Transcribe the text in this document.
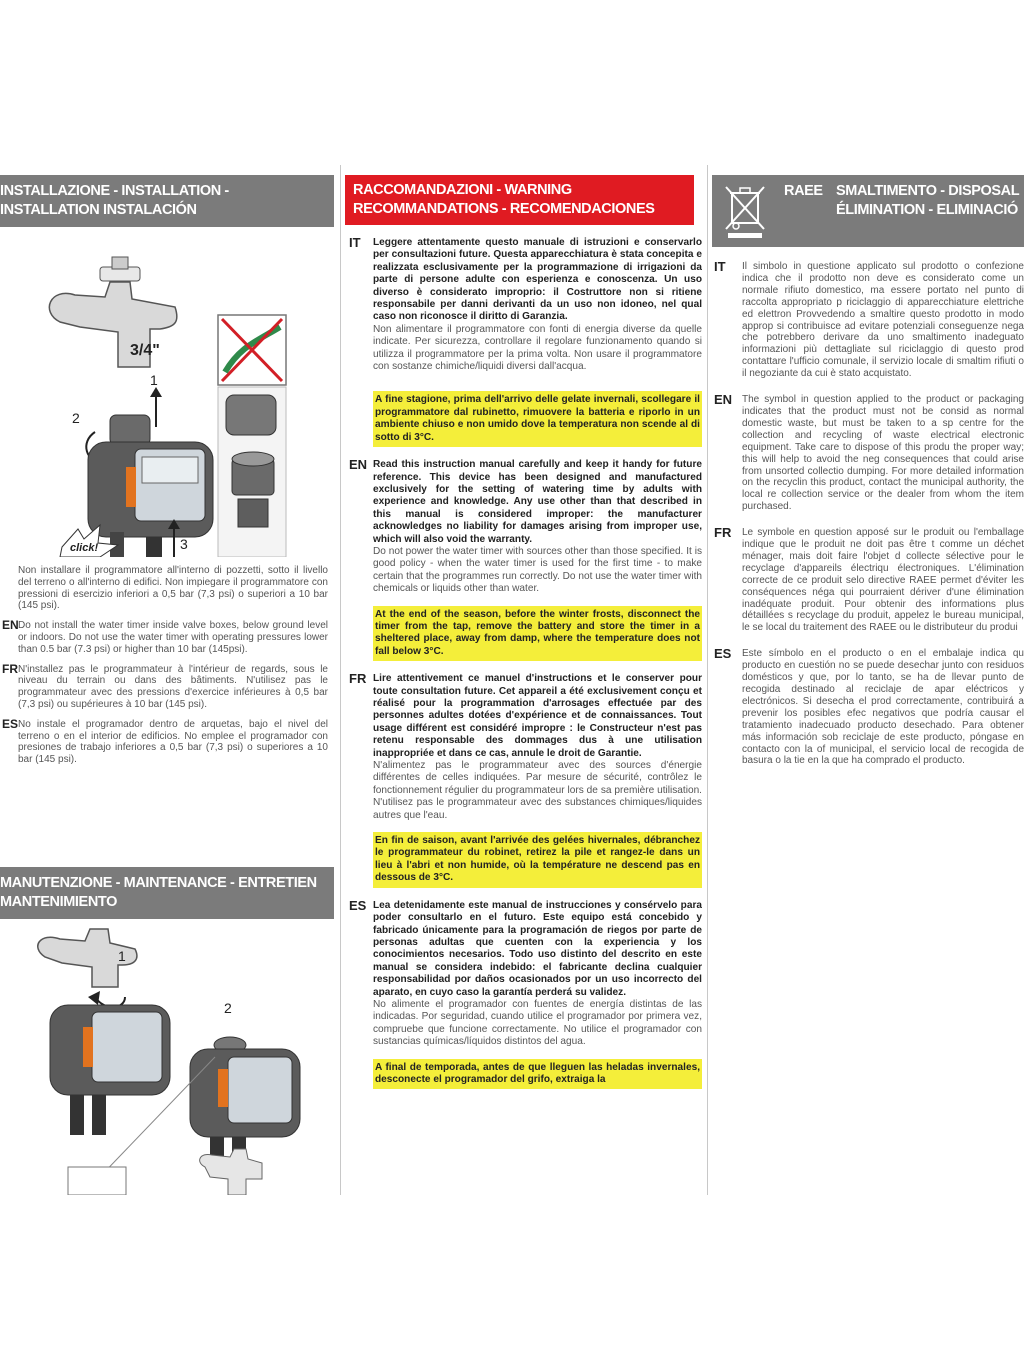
INSTALLAZIONE - INSTALLATION - INSTALLATION INSTALACIÓN
3/4"
1
2
click!	3
Non installare il programmatore all'interno di pozzetti, sotto il livello del terreno o all'interno di edifici. Non impiegare il programmatore con pressioni di esercizio inferiori a 0,5 bar (7,3 psi) o superiori a 10 bar (145 psi).
EN Do not install the water timer inside valve boxes, below ground level or indoors. Do not use the water timer with operating pressures lower than 0.5 bar (7.3 psi) or higher than 10 bar (145psi).
FR N'installez pas le programmateur à l'intérieur de regards, sous le niveau du terrain ou dans des bâtiments. N'utilisez pas le programmateur avec des pressions d'exercice inférieures à 0,5 bar (7,3 psi) ou supérieures à 10 bar (145 psi).
ES No instale el programador dentro de arquetas, bajo el nivel del terreno o en el interior de edificios. No emplee el programador con presiones de trabajo inferiores a 0,5 bar (7,3 psi) o superiores a 10 bar (145 psi).
MANUTENZIONE - MAINTENANCE - ENTRETIEN MANTENIMIENTO
1
2
RACCOMANDAZIONI - WARNING
RECOMMANDATIONS - RECOMENDACIONES
IT Leggere attentamente questo manuale di istruzioni e conservarlo per consultazioni future. Questa apparecchiatura è stata concepita e realizzata esclusivamente per la programmazione di irrigazioni da parte di persone adulte con esperienza e conoscenza. Un uso diverso è considerato improprio: il Costruttore non si ritiene responsabile per danni derivanti da un uso non idoneo, nel qual caso non riconosce il diritto di Garanzia.
Non alimentare il programmatore con fonti di energia diverse da quelle indicate. Per sicurezza, controllare il regolare funzionamento quando si utilizza il programmatore per la prima volta. Non usare il programmatore con sostanze chimiche/liquidi diversi dall'acqua.
A fine stagione, prima dell'arrivo delle gelate invernali, scollegare il programmatore dal rubinetto, rimuovere la batteria e riporlo in un ambiente chiuso e non umido dove la temperatura non scende al di sotto di 3°C.
EN Read this instruction manual carefully and keep it handy for future reference. This device has been designed and manufactured exclusively for the setting of watering time by adults with experience and knowledge. Any use other than that described in this manual is considered improper: the manufacturer acknowledges no liability for damages arising from improper use, which will also void the warranty.
Do not power the water timer with sources other than those specified. It is good policy - when the water timer is used for the first time - to make certain that the programmes run correctly. Do not use the water timer with chemicals or liquids other than water.
At the end of the season, before the winter frosts, disconnect the timer from the tap, remove the battery and store the timer in a sheltered place, away from damp, where the temperature does not fall below 3°C.
FR Lire attentivement ce manuel d'instructions et le conserver pour toute consultation future. Cet appareil a été exclusivement conçu et réalisé pour la programmation d'arrosages effectuée par des personnes adultes dotées d'expérience et de connaissances. Tout usage différent est considéré impropre : le Constructeur n'est pas retenu responsable des dommages dus à une utilisation inappropriée et dans ce cas, annule le droit de Garantie.
N'alimentez pas le programmateur avec des sources d'énergie différentes de celles indiquées. Par mesure de sécurité, contrôlez le fonctionnement régulier du programmateur lors de sa première utilisation. N'utilisez pas le programmateur avec des substances chimiques/liquides autres que l'eau.
En fin de saison, avant l'arrivée des gelées hivernales, débranchez le programmateur du robinet, retirez la pile et rangez-le dans un lieu à l'abri et non humide, où la température ne descend pas en dessous de 3°C.
ES Lea detenidamente este manual de instrucciones y consérvelo para poder consultarlo en el futuro. Este equipo está concebido y fabricado únicamente para la programación de riegos por parte de personas adultas que cuenten con la experiencia y los conocimientos necesarios. Todo uso distinto del descrito en este manual se considera indebido: el fabricante declina cualquier responsabilidad por daños ocasionados por un uso incorrecto del aparato, en cuyo caso la garantía perderá su validez.
No alimente el programador con fuentes de energía distintas de las indicadas. Por seguridad, cuando utilice el programador por primera vez, compruebe que funcione correctamente. No utilice el programador con sustancias químicas/líquidos distintos del agua.
A final de temporada, antes de que lleguen las heladas invernales, desconecte el programador del grifo, extraiga la
RAEE SMALTIMENTO - DISPOSAL
ÉLIMINATION - ELIMINACIÓ
IT Il simbolo in questione applicato sul prodotto o confezione indica che il prodotto non deve es considerato come un normale rifiuto domestico, ma essere portato nel punto di raccolta appropriato p riciclaggio di apparecchiature elettriche ed elettron Provvedendo a smaltire questo prodotto in modo approp si contribuisce ad evitare potenziali conseguenze nega che potrebbero derivare da uno smaltimento inadeguato informazioni più dettagliate sul riciclaggio di questo prod contattare l'ufficio comunale, il servizio locale di smaltim rifiuti o il negoziante da cui è stato acquistato.
EN The symbol in question applied to the product or packaging indicates that the product must not be consid as normal domestic waste, but must be taken to a sp centre for the collection and recycling of waste electrical electronic equipment. Take care to dispose of this produ the proper way; this will help to avoid the neg consequences that could arise from unsorted collectio dumping. For more detailed information on the recyclin this product, contact the municipal authority, the local re collection service or the dealer from whom the item purchased.
FR Le symbole en question apposé sur le produit ou l'emballage indique que le produit ne doit pas être t comme un déchet ménager, mais doit faire l'objet d collecte sélective pour le recyclage d'appareils électriqu électroniques. L'élimination correcte de ce produit selo directive RAEE permet d'éviter les conséquences néga qui pourraient dériver d'une élimination inadéquate produit. Pour obtenir des informations plus détaillées s recyclage du produit, appelez le bureau municipal, le se local du traitement des RAEE ou le distributeur du produi
ES Este símbolo en el producto o en el embalaje indica qu producto en cuestión no se puede desechar junto con residuos domésticos y que, por lo tanto, se ha de llevar punto de recogida destinado al reciclaje de apar eléctricos y electrónicos. Si desecha el prod correctamente, contribuirá a prevenir los posibles efec negativos que podría causar el tratamiento inadecuado producto desechado. Para obtener más información sob reciclaje de este producto, póngase en contacto con la of municipal, el servicio local de recogida de basura o la tie en la que ha comprado el producto.
